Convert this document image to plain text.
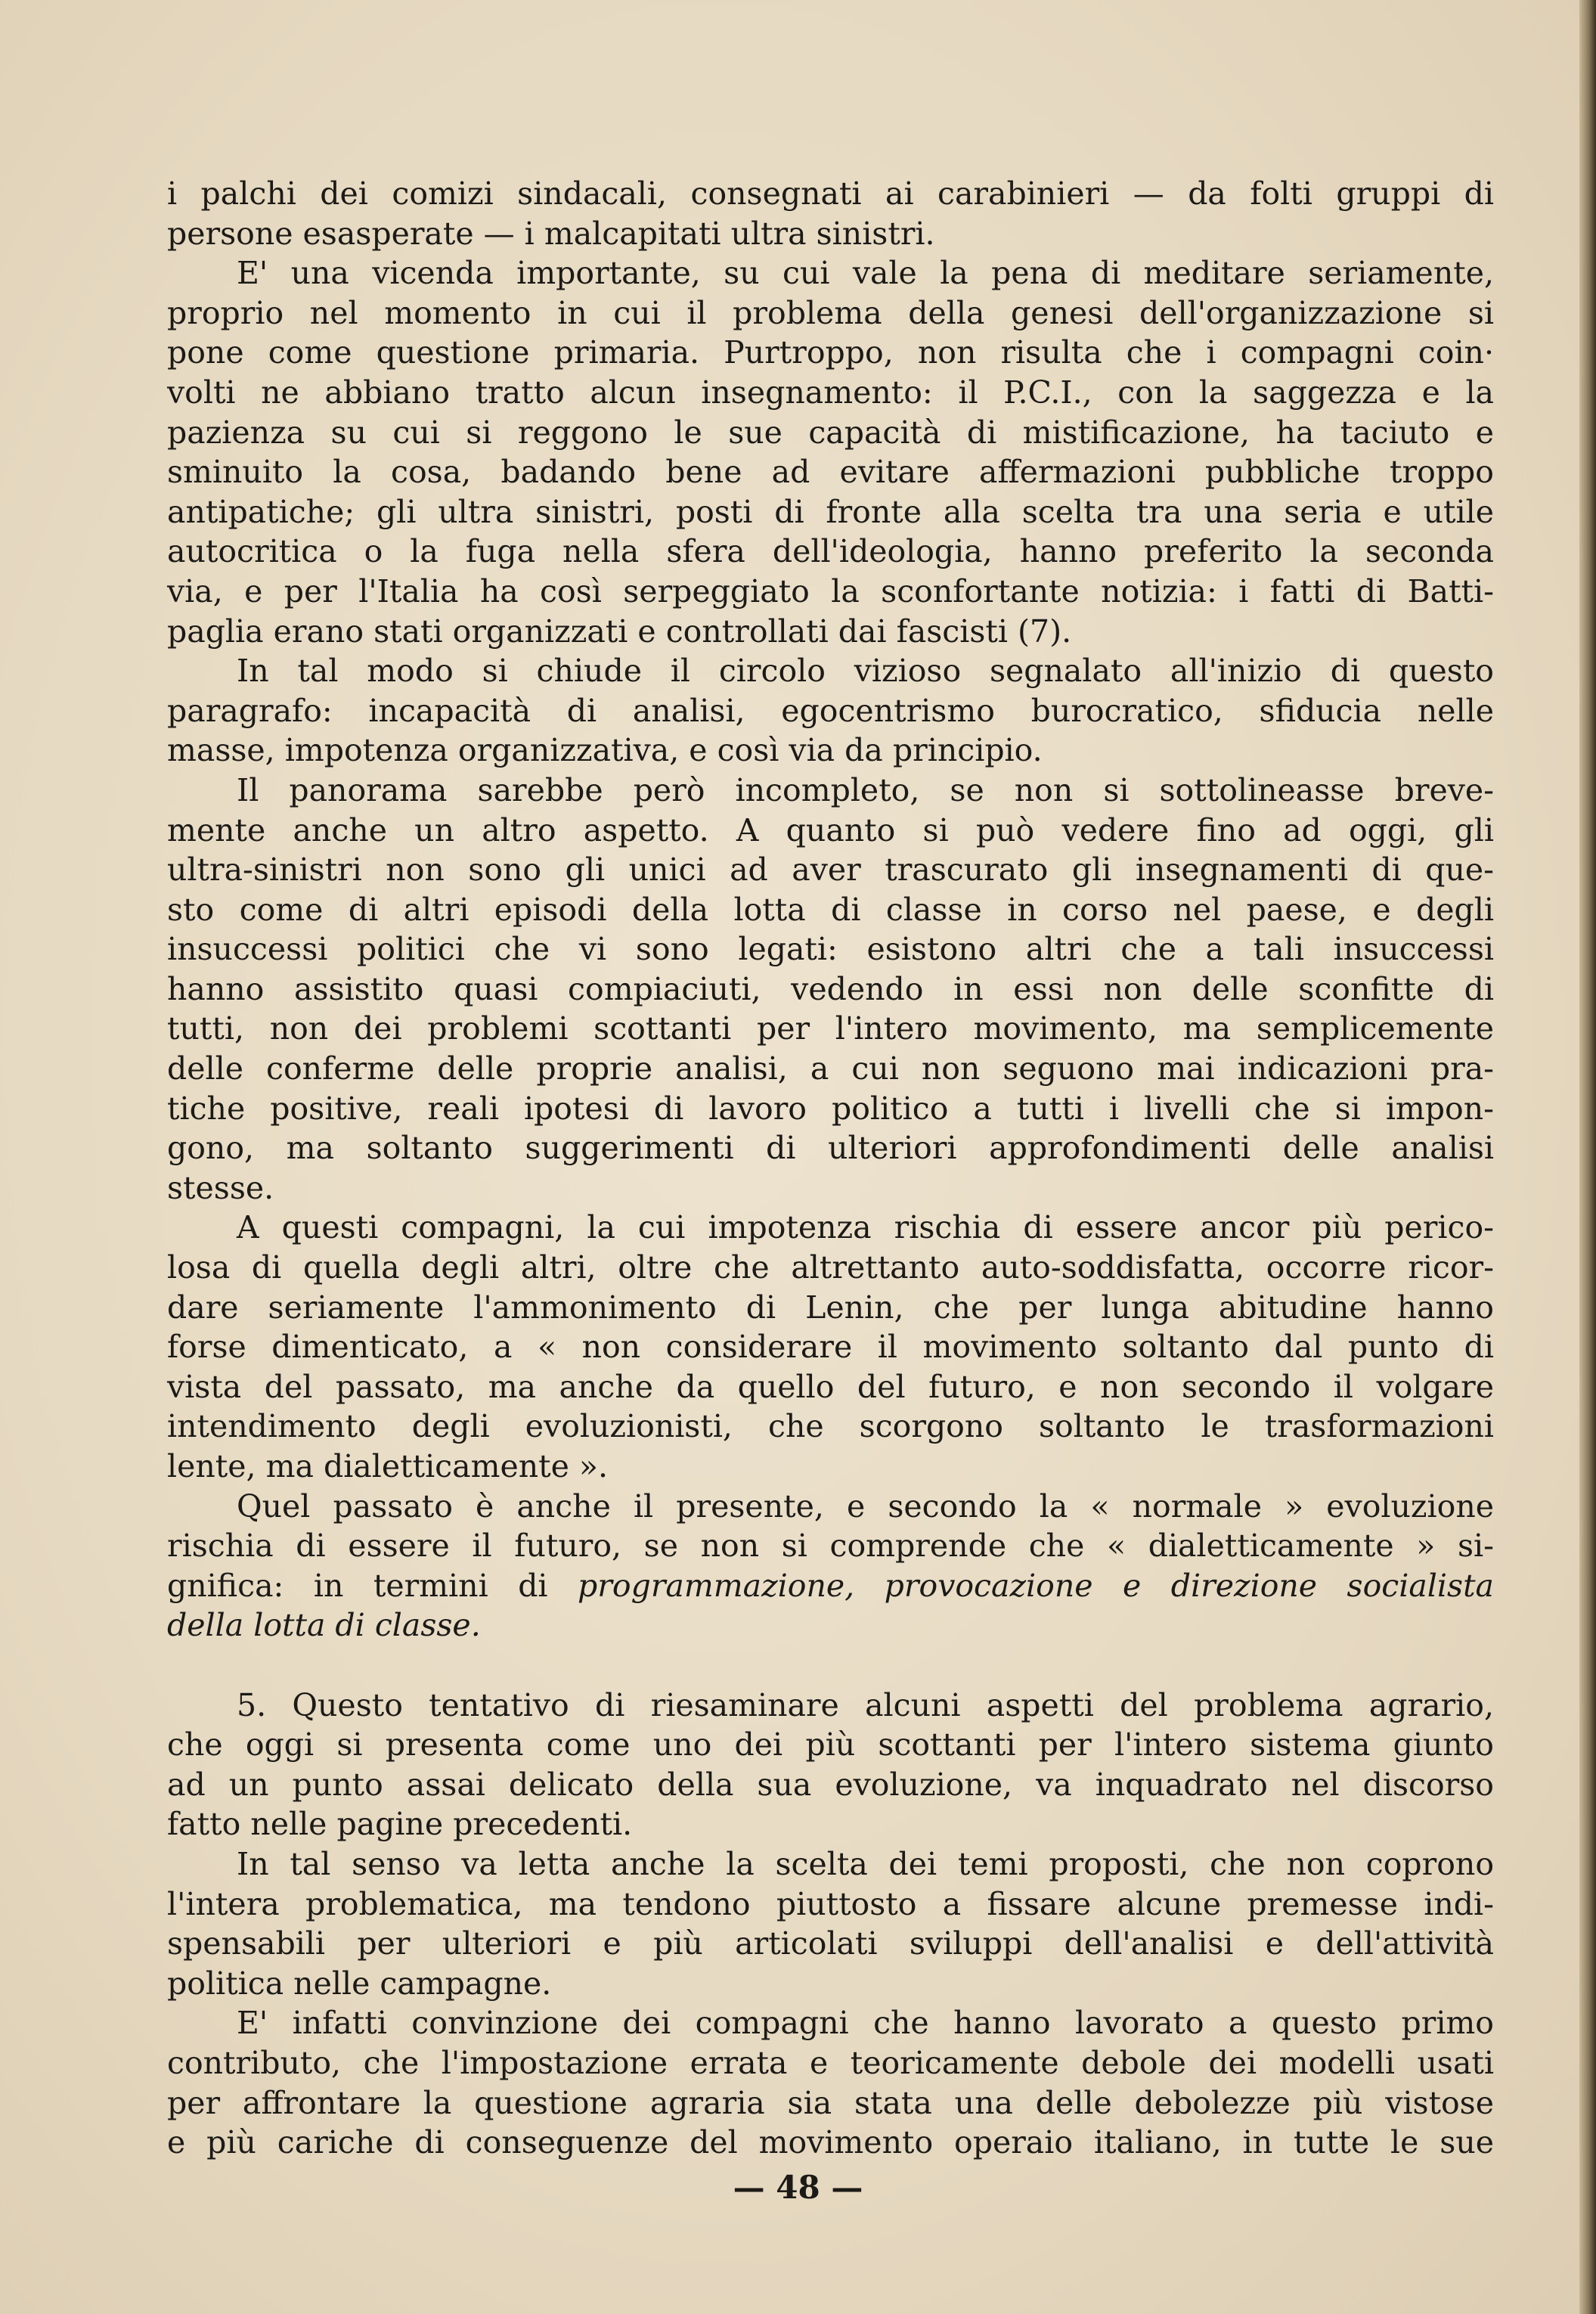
i palchi dei comizi sindacali, consegnati ai carabinieri — da folti gruppi di
persone esasperate — i malcapitati ultra sinistri.
E' una vicenda importante, su cui vale la pena di meditare seriamente,
proprio nel momento in cui il problema della genesi dell'organizzazione si
pone come questione primaria. Purtroppo, non risulta che i compagni coin·
volti ne abbiano tratto alcun insegnamento: il P.C.I., con la saggezza e la
pazienza su cui si reggono le sue capacità di mistificazione, ha taciuto e
sminuito la cosa, badando bene ad evitare affermazioni pubbliche troppo
antipatiche; gli ultra sinistri, posti di fronte alla scelta tra una seria e utile
autocritica o la fuga nella sfera dell'ideologia, hanno preferito la seconda
via, e per l'Italia ha così serpeggiato la sconfortante notizia: i fatti di Batti-
paglia erano stati organizzati e controllati dai fascisti (7).
In tal modo si chiude il circolo vizioso segnalato all'inizio di questo
paragrafo: incapacità di analisi, egocentrismo burocratico, sfiducia nelle
masse, impotenza organizzativa, e così via da principio.
Il panorama sarebbe però incompleto, se non si sottolineasse breve-
mente anche un altro aspetto. A quanto si può vedere fino ad oggi, gli
ultra-sinistri non sono gli unici ad aver trascurato gli insegnamenti di que-
sto come di altri episodi della lotta di classe in corso nel paese, e degli
insuccessi politici che vi sono legati: esistono altri che a tali insuccessi
hanno assistito quasi compiaciuti, vedendo in essi non delle sconfitte di
tutti, non dei problemi scottanti per l'intero movimento, ma semplicemente
delle conferme delle proprie analisi, a cui non seguono mai indicazioni pra-
tiche positive, reali ipotesi di lavoro politico a tutti i livelli che si impon-
gono, ma soltanto suggerimenti di ulteriori approfondimenti delle analisi
stesse.
A questi compagni, la cui impotenza rischia di essere ancor più perico-
losa di quella degli altri, oltre che altrettanto auto-soddisfatta, occorre ricor-
dare seriamente l'ammonimento di Lenin, che per lunga abitudine hanno
forse dimenticato, a « non considerare il movimento soltanto dal punto di
vista del passato, ma anche da quello del futuro, e non secondo il volgare
intendimento degli evoluzionisti, che scorgono soltanto le trasformazioni
lente, ma dialetticamente ».
Quel passato è anche il presente, e secondo la « normale » evoluzione
rischia di essere il futuro, se non si comprende che « dialetticamente » si-
gnifica: in termini di programmazione, provocazione e direzione socialista
della lotta di classe.
5. Questo tentativo di riesaminare alcuni aspetti del problema agrario,
che oggi si presenta come uno dei più scottanti per l'intero sistema giunto
ad un punto assai delicato della sua evoluzione, va inquadrato nel discorso
fatto nelle pagine precedenti.
In tal senso va letta anche la scelta dei temi proposti, che non coprono
l'intera problematica, ma tendono piuttosto a fissare alcune premesse indi-
spensabili per ulteriori e più articolati sviluppi dell'analisi e dell'attività
politica nelle campagne.
E' infatti convinzione dei compagni che hanno lavorato a questo primo
contributo, che l'impostazione errata e teoricamente debole dei modelli usati
per affrontare la questione agraria sia stata una delle debolezze più vistose
e più cariche di conseguenze del movimento operaio italiano, in tutte le sue
— 48 —
